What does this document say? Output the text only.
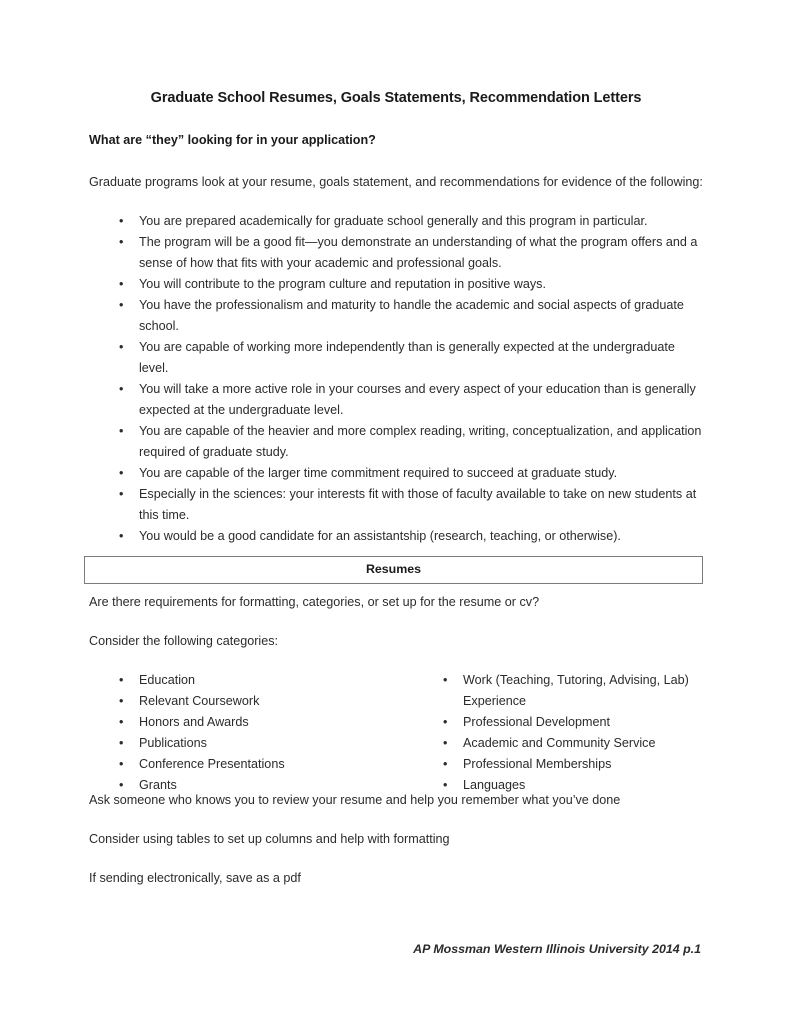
Graduate School Resumes, Goals Statements, Recommendation Letters

What are “they” looking for in your application?

Graduate programs look at your resume, goals statement, and recommendations for evidence of the following:

• You are prepared academically for graduate school generally and this program in particular.
• The program will be a good fit—you demonstrate an understanding of what the program offers and a sense of how that fits with your academic and professional goals.
• You will contribute to the program culture and reputation in positive ways.
• You have the professionalism and maturity to handle the academic and social aspects of graduate school.
• You are capable of working more independently than is generally expected at the undergraduate level.
• You will take a more active role in your courses and every aspect of your education than is generally expected at the undergraduate level.
• You are capable of the heavier and more complex reading, writing, conceptualization, and application required of graduate study.
• You are capable of the larger time commitment required to succeed at graduate study.
• Especially in the sciences: your interests fit with those of faculty available to take on new students at this time.
• You would be a good candidate for an assistantship (research, teaching, or otherwise).
Resumes

Are there requirements for formatting, categories, or set up for the resume or cv?

Consider the following categories:

• Education
• Relevant Coursework
• Honors and Awards
• Publications
• Conference Presentations
• Grants
• Work (Teaching, Tutoring, Advising, Lab) Experience
• Professional Development
• Academic and Community Service
• Professional Memberships
• Languages

Ask someone who knows you to review your resume and help you remember what you’ve done

Consider using tables to set up columns and help with formatting

If sending electronically, save as a pdf

AP Mossman Western Illinois University 2014 p.1
